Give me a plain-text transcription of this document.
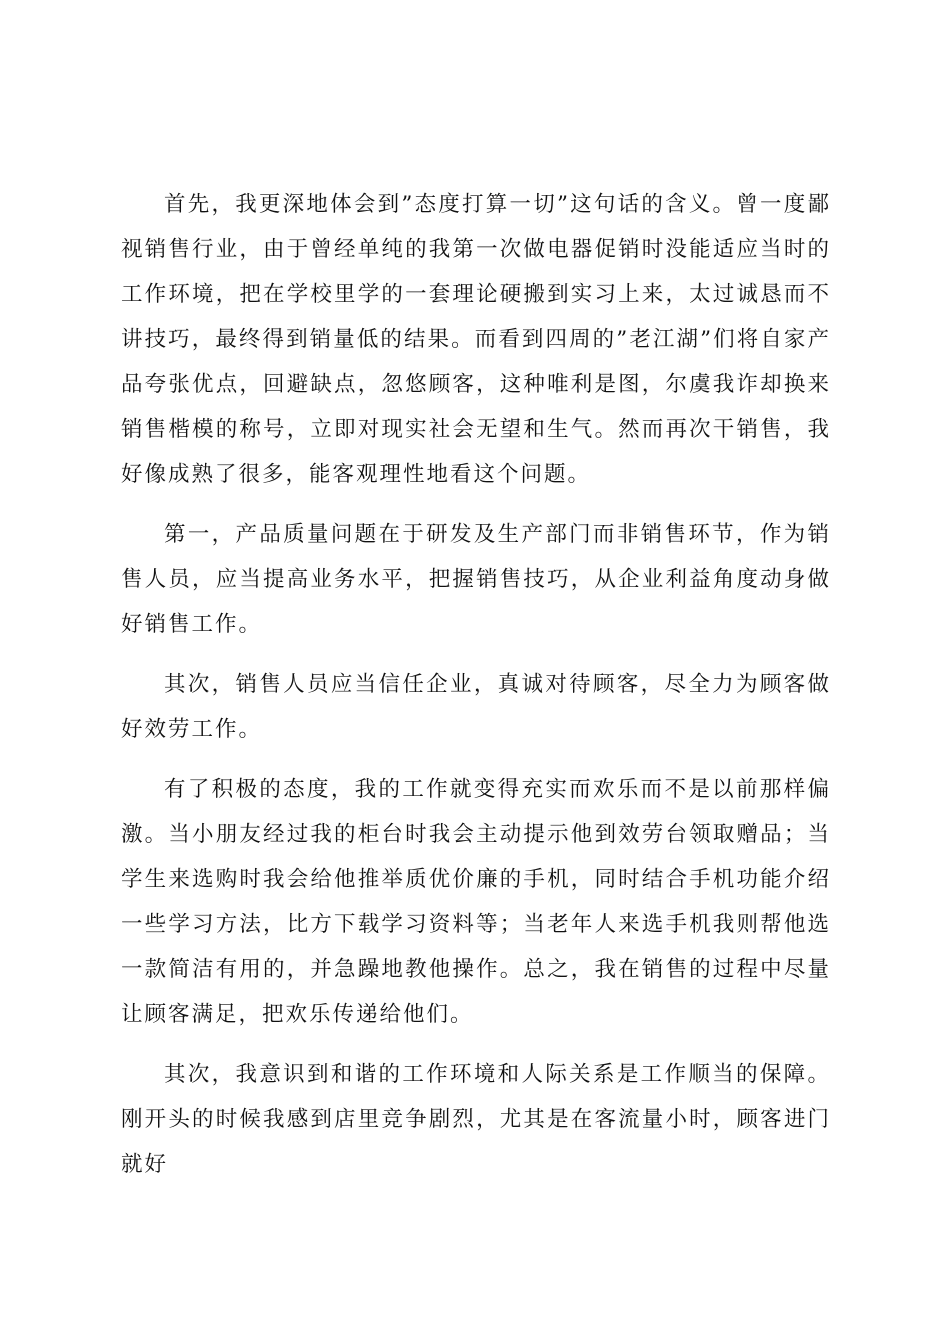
首先，我更深地体会到”态度打算一切”这句话的含义。曾一度鄙视销售行业，由于曾经单纯的我第一次做电器促销时没能适应当时的工作环境，把在学校里学的一套理论硬搬到实习上来，太过诚恳而不讲技巧，最终得到销量低的结果。而看到四周的”老江湖”们将自家产品夸张优点，回避缺点，忽悠顾客，这种唯利是图，尔虞我诈却换来销售楷模的称号，立即对现实社会无望和生气。然而再次干销售，我好像成熟了很多，能客观理性地看这个问题。

第一，产品质量问题在于研发及生产部门而非销售环节，作为销售人员，应当提高业务水平，把握销售技巧，从企业利益角度动身做好销售工作。

其次，销售人员应当信任企业，真诚对待顾客，尽全力为顾客做好效劳工作。

有了积极的态度，我的工作就变得充实而欢乐而不是以前那样偏激。当小朋友经过我的柜台时我会主动提示他到效劳台领取赠品；当学生来选购时我会给他推举质优价廉的手机，同时结合手机功能介绍一些学习方法，比方下载学习资料等；当老年人来选手机我则帮他选一款简洁有用的，并急躁地教他操作。总之，我在销售的过程中尽量让顾客满足，把欢乐传递给他们。

其次，我意识到和谐的工作环境和人际关系是工作顺当的保障。刚开头的时候我感到店里竞争剧烈，尤其是在客流量小时，顾客进门就好
